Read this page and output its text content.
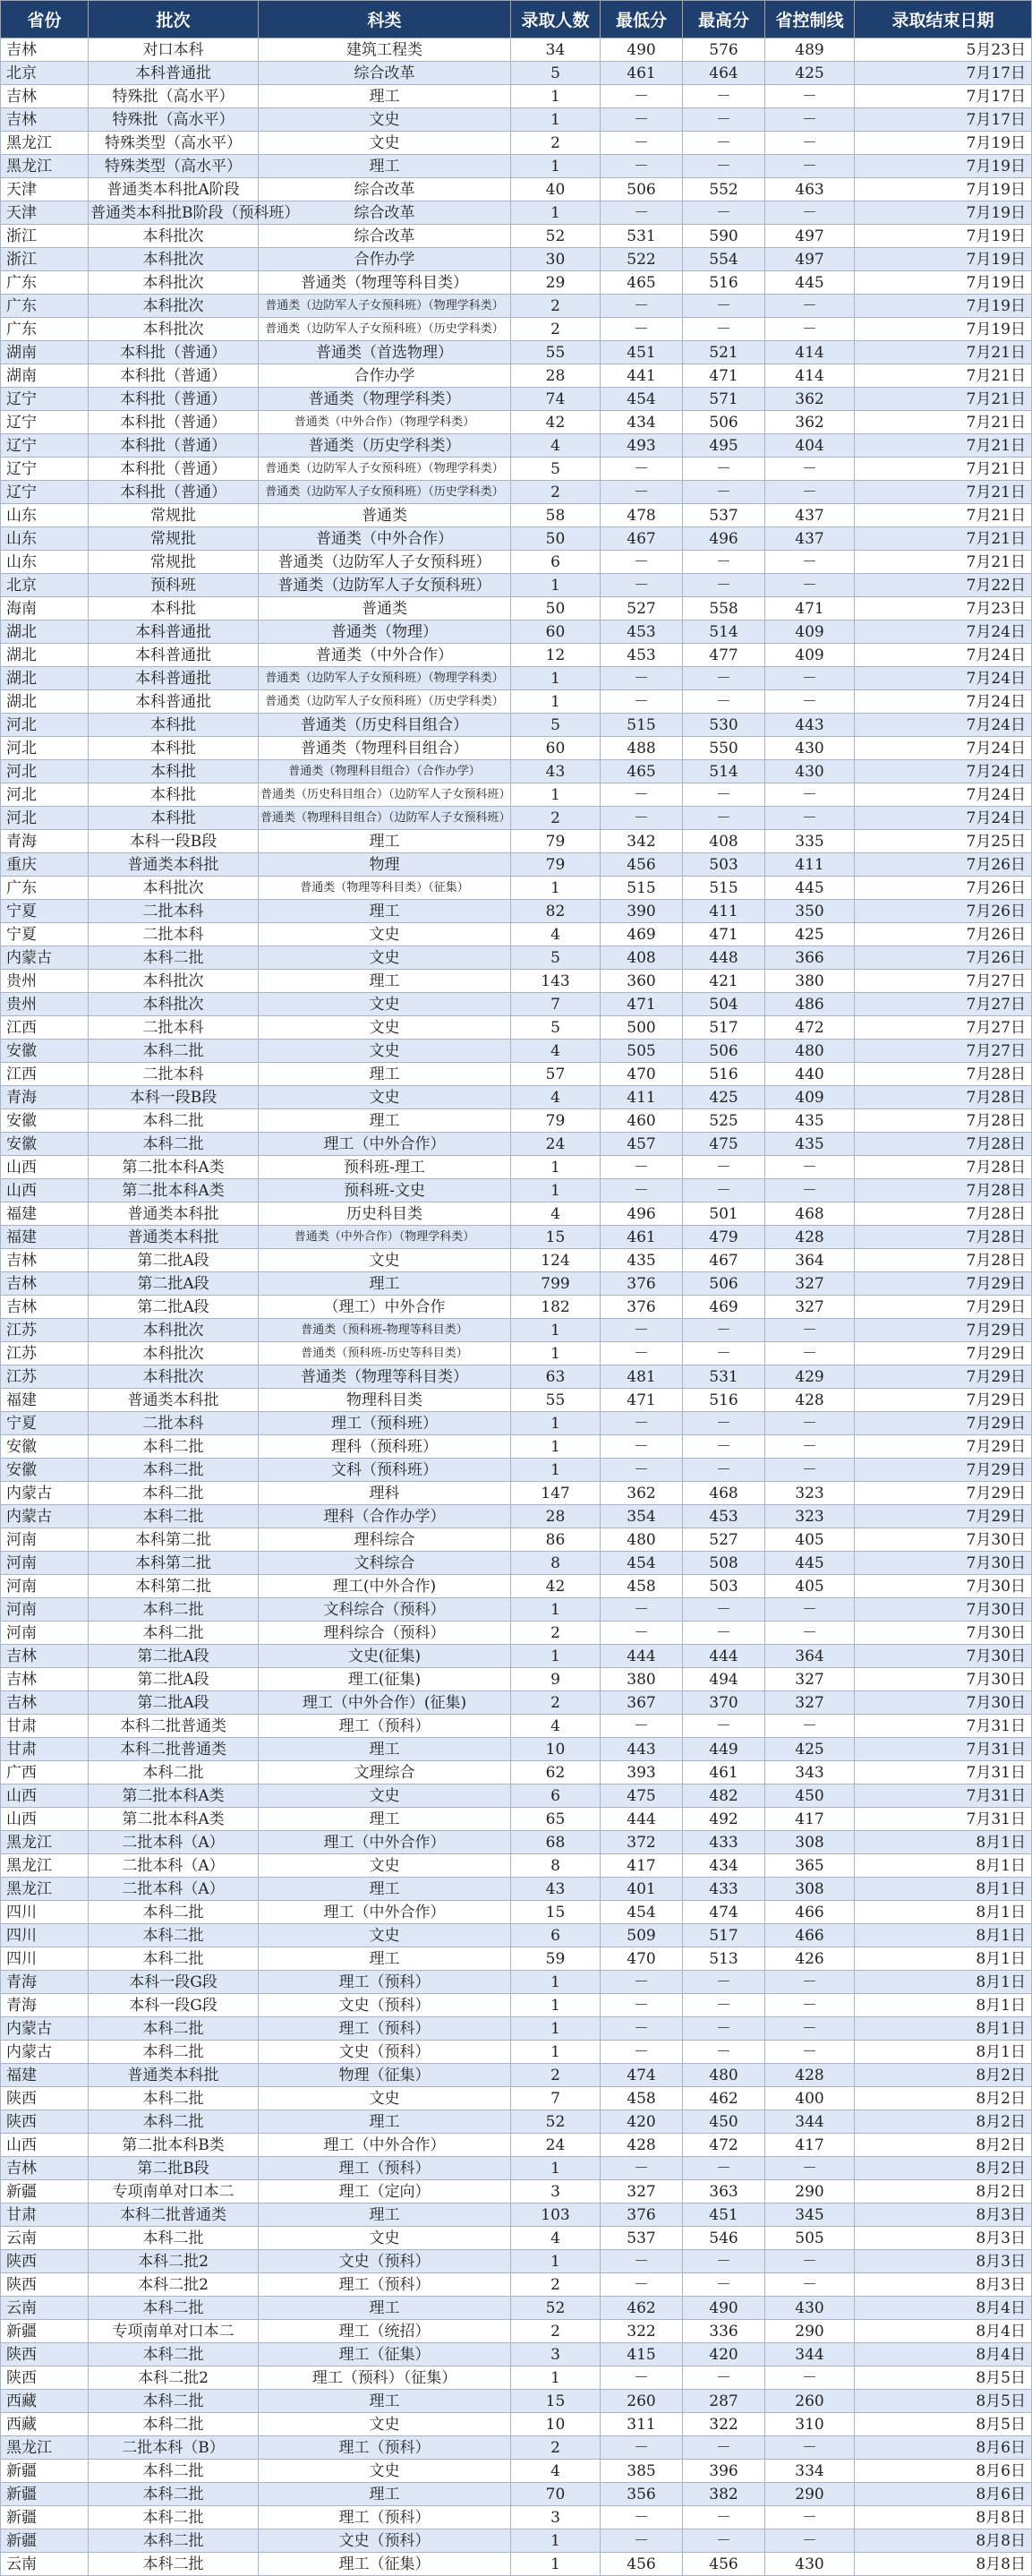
省份	批次	科类	录取人数	最低分	最高分	省控制线	录取结束日期
吉林	对口本科	建筑工程类	34	490	576	489	5月23日
北京	本科普通批	综合改革	5	461	464	425	7月17日
吉林	特殊批（高水平）	理工	1	－	－	－	7月17日
吉林	特殊批（高水平）	文史	1	－	－	－	7月17日
黑龙江	特殊类型（高水平）	文史	2	－	－	－	7月19日
黑龙江	特殊类型（高水平）	理工	1	－	－	－	7月19日
天津	普通类本科批A阶段	综合改革	40	506	552	463	7月19日
天津	普通类本科批B阶段（预科班）	综合改革	1	－	－	－	7月19日
浙江	本科批次	综合改革	52	531	590	497	7月19日
浙江	本科批次	合作办学	30	522	554	497	7月19日
广东	本科批次	普通类（物理等科目类）	29	465	516	445	7月19日
广东	本科批次	普通类（边防军人子女预科班）（物理学科类）	2	－	－	－	7月19日
广东	本科批次	普通类（边防军人子女预科班）（历史学科类）	2	－	－	－	7月19日
湖南	本科批（普通）	普通类（首选物理）	55	451	521	414	7月21日
湖南	本科批（普通）	合作办学	28	441	471	414	7月21日
辽宁	本科批（普通）	普通类（物理学科类）	74	454	571	362	7月21日
辽宁	本科批（普通）	普通类（中外合作）（物理学科类）	42	434	506	362	7月21日
辽宁	本科批（普通）	普通类（历史学科类）	4	493	495	404	7月21日
辽宁	本科批（普通）	普通类（边防军人子女预科班）（物理学科类）	5	－	－	－	7月21日
辽宁	本科批（普通）	普通类（边防军人子女预科班）（历史学科类）	2	－	－	－	7月21日
山东	常规批	普通类	58	478	537	437	7月21日
山东	常规批	普通类（中外合作）	50	467	496	437	7月21日
山东	常规批	普通类（边防军人子女预科班）	6	－	－	－	7月21日
北京	预科班	普通类（边防军人子女预科班）	1	－	－	－	7月22日
海南	本科批	普通类	50	527	558	471	7月23日
湖北	本科普通批	普通类（物理）	60	453	514	409	7月24日
湖北	本科普通批	普通类（中外合作）	12	453	477	409	7月24日
湖北	本科普通批	普通类（边防军人子女预科班）（物理学科类）	1	－	－	－	7月24日
湖北	本科普通批	普通类（边防军人子女预科班）（历史学科类）	1	－	－	－	7月24日
河北	本科批	普通类（历史科目组合）	5	515	530	443	7月24日
河北	本科批	普通类（物理科目组合）	60	488	550	430	7月24日
河北	本科批	普通类（物理科目组合）（合作办学）	43	465	514	430	7月24日
河北	本科批	普通类（历史科目组合）（边防军人子女预科班）	1	－	－	－	7月24日
河北	本科批	普通类（物理科目组合）（边防军人子女预科班）	2	－	－	－	7月24日
青海	本科一段B段	理工	79	342	408	335	7月25日
重庆	普通类本科批	物理	79	456	503	411	7月26日
广东	本科批次	普通类（物理等科目类）（征集）	1	515	515	445	7月26日
宁夏	二批本科	理工	82	390	411	350	7月26日
宁夏	二批本科	文史	4	469	471	425	7月26日
内蒙古	本科二批	文史	5	408	448	366	7月26日
贵州	本科批次	理工	143	360	421	380	7月27日
贵州	本科批次	文史	7	471	504	486	7月27日
江西	二批本科	文史	5	500	517	472	7月27日
安徽	本科二批	文史	4	505	506	480	7月27日
江西	二批本科	理工	57	470	516	440	7月28日
青海	本科一段B段	文史	4	411	425	409	7月28日
安徽	本科二批	理工	79	460	525	435	7月28日
安徽	本科二批	理工（中外合作）	24	457	475	435	7月28日
山西	第二批本科A类	预科班-理工	1	－	－	－	7月28日
山西	第二批本科A类	预科班-文史	1	－	－	－	7月28日
福建	普通类本科批	历史科目类	4	496	501	468	7月28日
福建	普通类本科批	普通类（中外合作）（物理学科类）	15	461	479	428	7月28日
吉林	第二批A段	文史	124	435	467	364	7月28日
吉林	第二批A段	理工	799	376	506	327	7月29日
吉林	第二批A段	（理工）中外合作	182	376	469	327	7月29日
江苏	本科批次	普通类（预科班-物理等科目类）	1	－	－	－	7月29日
江苏	本科批次	普通类（预科班-历史等科目类）	1	－	－	－	7月29日
江苏	本科批次	普通类（物理等科目类）	63	481	531	429	7月29日
福建	普通类本科批	物理科目类	55	471	516	428	7月29日
宁夏	二批本科	理工（预科班）	1	－	－	－	7月29日
安徽	本科二批	理科（预科班）	1	－	－	－	7月29日
安徽	本科二批	文科（预科班）	1	－	－	－	7月29日
内蒙古	本科二批	理科	147	362	468	323	7月29日
内蒙古	本科二批	理科（合作办学）	28	354	453	323	7月29日
河南	本科第二批	理科综合	86	480	527	405	7月30日
河南	本科第二批	文科综合	8	454	508	445	7月30日
河南	本科第二批	理工(中外合作)	42	458	503	405	7月30日
河南	本科二批	文科综合（预科）	1	－	－	－	7月30日
河南	本科二批	理科综合（预科）	2	－	－	－	7月30日
吉林	第二批A段	文史(征集)	1	444	444	364	7月30日
吉林	第二批A段	理工(征集)	9	380	494	327	7月30日
吉林	第二批A段	理工（中外合作）(征集)	2	367	370	327	7月30日
甘肃	本科二批普通类	理工（预科）	4	－	－	－	7月31日
甘肃	本科二批普通类	理工	10	443	449	425	7月31日
广西	本科二批	文理综合	62	393	461	343	7月31日
山西	第二批本科A类	文史	6	475	482	450	7月31日
山西	第二批本科A类	理工	65	444	492	417	7月31日
黑龙江	二批本科（A）	理工（中外合作）	68	372	433	308	8月1日
黑龙江	二批本科（A）	文史	8	417	434	365	8月1日
黑龙江	二批本科（A）	理工	43	401	433	308	8月1日
四川	本科二批	理工（中外合作）	15	454	474	466	8月1日
四川	本科二批	文史	6	509	517	466	8月1日
四川	本科二批	理工	59	470	513	426	8月1日
青海	本科一段G段	理工（预科）	1	－	－	－	8月1日
青海	本科一段G段	文史（预科）	1	－	－	－	8月1日
内蒙古	本科二批	理工（预科）	1	－	－	－	8月1日
内蒙古	本科二批	文史（预科）	1	－	－	－	8月1日
福建	普通类本科批	物理（征集）	2	474	480	428	8月2日
陕西	本科二批	文史	7	458	462	400	8月2日
陕西	本科二批	理工	52	420	450	344	8月2日
山西	第二批本科B类	理工（中外合作）	24	428	472	417	8月2日
吉林	第二批B段	理工（预科）	1	－	－	－	8月2日
新疆	专项南单对口本二	理工（定向）	3	327	363	290	8月2日
甘肃	本科二批普通类	理工	103	376	451	345	8月3日
云南	本科二批	文史	4	537	546	505	8月3日
陕西	本科二批2	文史（预科）	1	－	－	－	8月3日
陕西	本科二批2	理工（预科）	2	－	－	－	8月3日
云南	本科二批	理工	52	462	490	430	8月4日
新疆	专项南单对口本二	理工（统招）	2	322	336	290	8月4日
陕西	本科二批	理工（征集）	3	415	420	344	8月4日
陕西	本科二批2	理工（预科）（征集）	1	－	－	－	8月5日
西藏	本科二批	理工	15	260	287	260	8月5日
西藏	本科二批	文史	10	311	322	310	8月5日
黑龙江	二批本科（B）	理工（预科）	2	－	－	－	8月6日
新疆	本科二批	文史	4	385	396	334	8月6日
新疆	本科二批	理工	70	356	382	290	8月6日
新疆	本科二批	理工（预科）	3	－	－	－	8月8日
新疆	本科二批	文史（预科）	1	－	－	－	8月8日
云南	本科二批	理工（征集）	1	456	456	430	8月8日
